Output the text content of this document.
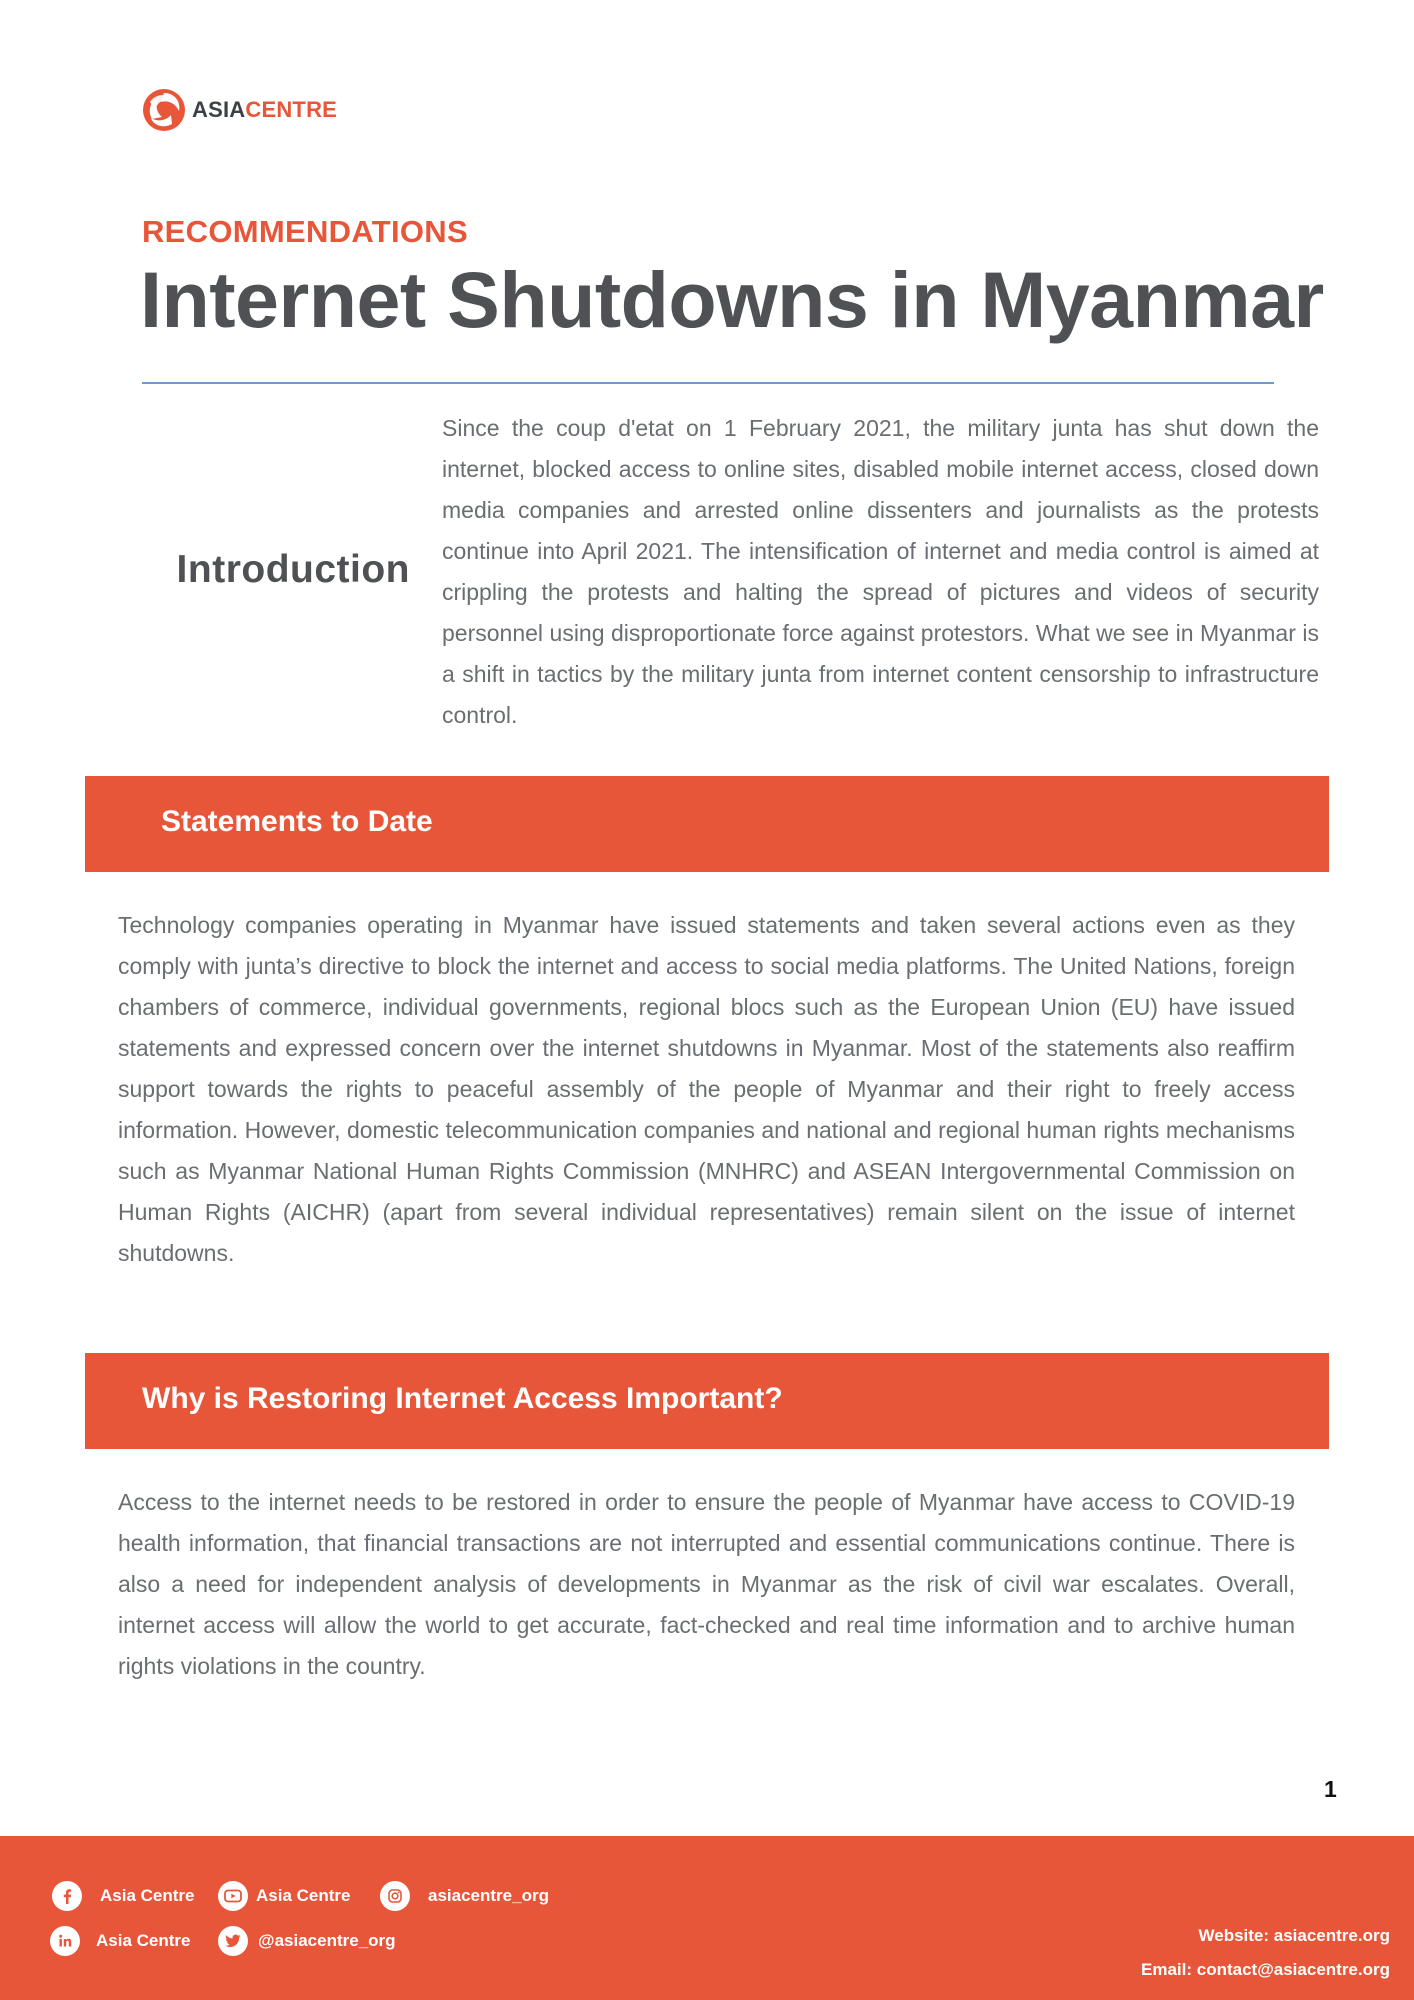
ASIACENTRE
RECOMMENDATIONS
Internet Shutdowns in Myanmar
Introduction
Since the coup d'etat on 1 February 2021, the military junta has shut down the internet, blocked access to online sites, disabled mobile internet access, closed down media companies and arrested online dissenters and journalists as the protests continue into April 2021. The intensification of internet and media control is aimed at crippling the protests and halting the spread of pictures and videos of security personnel using disproportionate force against protestors. What we see in Myanmar is a shift in tactics by the military junta from internet content censorship to infrastructure control.
Statements to Date
Technology companies operating in Myanmar have issued statements and taken several actions even as they comply with junta’s directive to block the internet and access to social media platforms. The United Nations, foreign chambers of commerce, individual governments, regional blocs such as the European Union (EU) have issued statements and expressed concern over the internet shutdowns in Myanmar. Most of the statements also reaffirm support towards the rights to peaceful assembly of the people of Myanmar and their right to freely access information. However, domestic telecommunication companies and national and regional human rights mechanisms such as Myanmar National Human Rights Commission (MNHRC) and ASEAN Intergovernmental Commission on Human Rights (AICHR) (apart from several individual representatives) remain silent on the issue of internet shutdowns.
Why is Restoring Internet Access Important?
Access to the internet needs to be restored in order to ensure the people of Myanmar have access to COVID-19 health information, that financial transactions are not interrupted and essential communications continue. There is also a need for independent analysis of developments in Myanmar as the risk of civil war escalates. Overall, internet access will allow the world to get accurate, fact-checked and real time information and to archive human rights violations in the country.
1
Asia Centre	Asia Centre	asiacentre_org
Asia Centre	@asiacentre_org	Website: asiacentre.org
Email: contact@asiacentre.org
